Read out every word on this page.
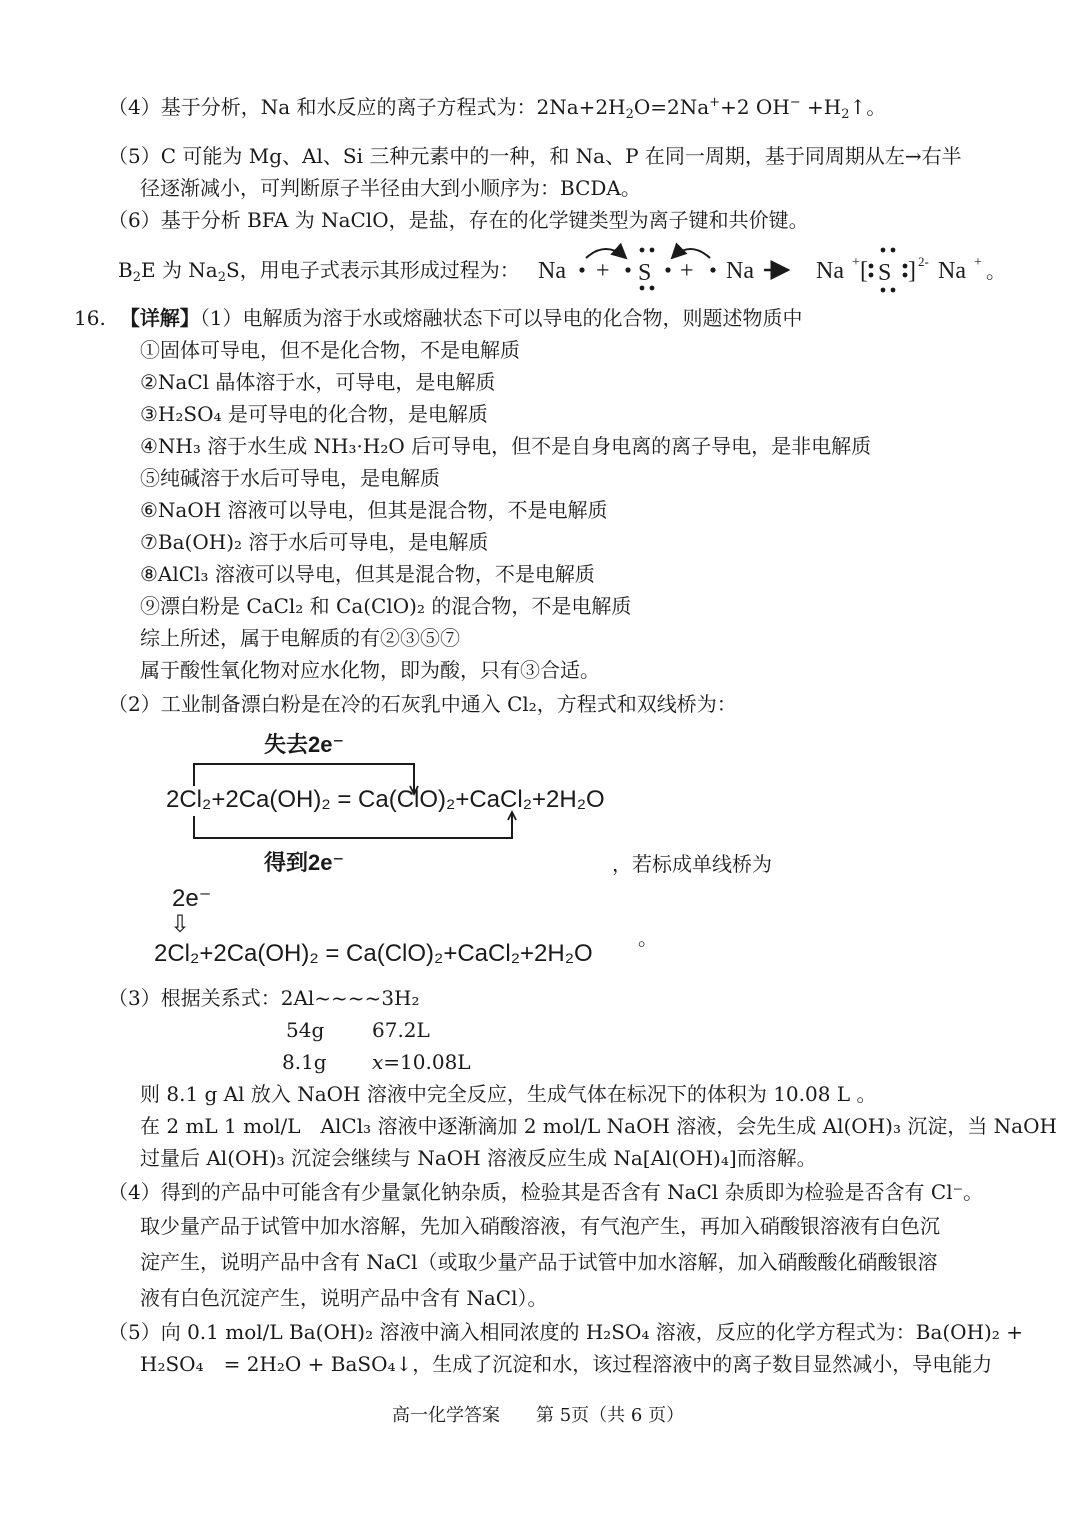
（4）基于分析，Na 和水反应的离子方程式为：$2Na+2H_2O=2Na^++2$ $OH^- +H_2↑$。
（5）C 可能为 Mg、Al、Si 三种元素中的一种，和 Na、P 在同一周期，基于同周期从左→右半
径逐渐减小，可判断原子半径由大到小顺序为：BCDA。
（6）基于分析 BFA 为 NaClO，是盐，存在的化学键类型为离子键和共价键。
$B_2E$ 为 $Na_2S$，用电子式表示其形成过程为： Na + S + Na	Na + [ S ] 2- Na + 。
16. 【详解】（1）电解质为溶于水或熔融状态下可以导电的化合物，则题述物质中
①固体可导电，但不是化合物，不是电解质
②NaCl 晶体溶于水，可导电，是电解质
③H₂SO₄ 是可导电的化合物，是电解质
④NH₃ 溶于水生成 NH₃·H₂O 后可导电，但不是自身电离的离子导电，是非电解质
⑤纯碱溶于水后可导电，是电解质
⑥NaOH 溶液可以导电，但其是混合物，不是电解质
⑦Ba(OH)₂ 溶于水后可导电，是电解质
⑧AlCl₃ 溶液可以导电，但其是混合物，不是电解质
⑨漂白粉是 CaCl₂ 和 Ca(ClO)₂ 的混合物，不是电解质
综上所述，属于电解质的有②③⑤⑦
属于酸性氧化物对应水化物，即为酸，只有③合适。
（2）工业制备漂白粉是在冷的石灰乳中通入 Cl₂，方程式和双线桥为：
失去2e⁻
2Cl₂+2Ca(OH)₂ = Ca(ClO)₂+CaCl₂+2H₂O
得到2e⁻	，若标成单线桥为
2e⁻
⇩
2Cl₂+2Ca(OH)₂ = Ca(ClO)₂+CaCl₂+2H₂O
。
（3）根据关系式：2Al~~~~3H₂
54g 67.2L
8.1g x=10.08L
则 8.1 g Al 放入 NaOH 溶液中完全反应，生成气体在标况下的体积为 10.08 L 。
在 2 mL 1 mol/L　AlCl₃ 溶液中逐渐滴加 2 mol/L NaOH 溶液，会先生成 Al(OH)₃ 沉淀，当 NaOH
过量后 Al(OH)₃ 沉淀会继续与 NaOH 溶液反应生成 Na[Al(OH)₄]而溶解。
（4）得到的产品中可能含有少量氯化钠杂质，检验其是否含有 NaCl 杂质即为检验是否含有 Cl⁻。
取少量产品于试管中加水溶解，先加入硝酸溶液，有气泡产生，再加入硝酸银溶液有白色沉
淀产生，说明产品中含有 NaCl（或取少量产品于试管中加水溶解，加入硝酸酸化硝酸银溶
液有白色沉淀产生，说明产品中含有 NaCl）。
（5）向 0.1 mol/L Ba(OH)₂ 溶液中滴入相同浓度的 H₂SO₄ 溶液，反应的化学方程式为：Ba(OH)₂ +
H₂SO₄　= 2H₂O + BaSO₄↓，生成了沉淀和水，该过程溶液中的离子数目显然减小，导电能力
高一化学答案　　第 5页（共 6 页）
